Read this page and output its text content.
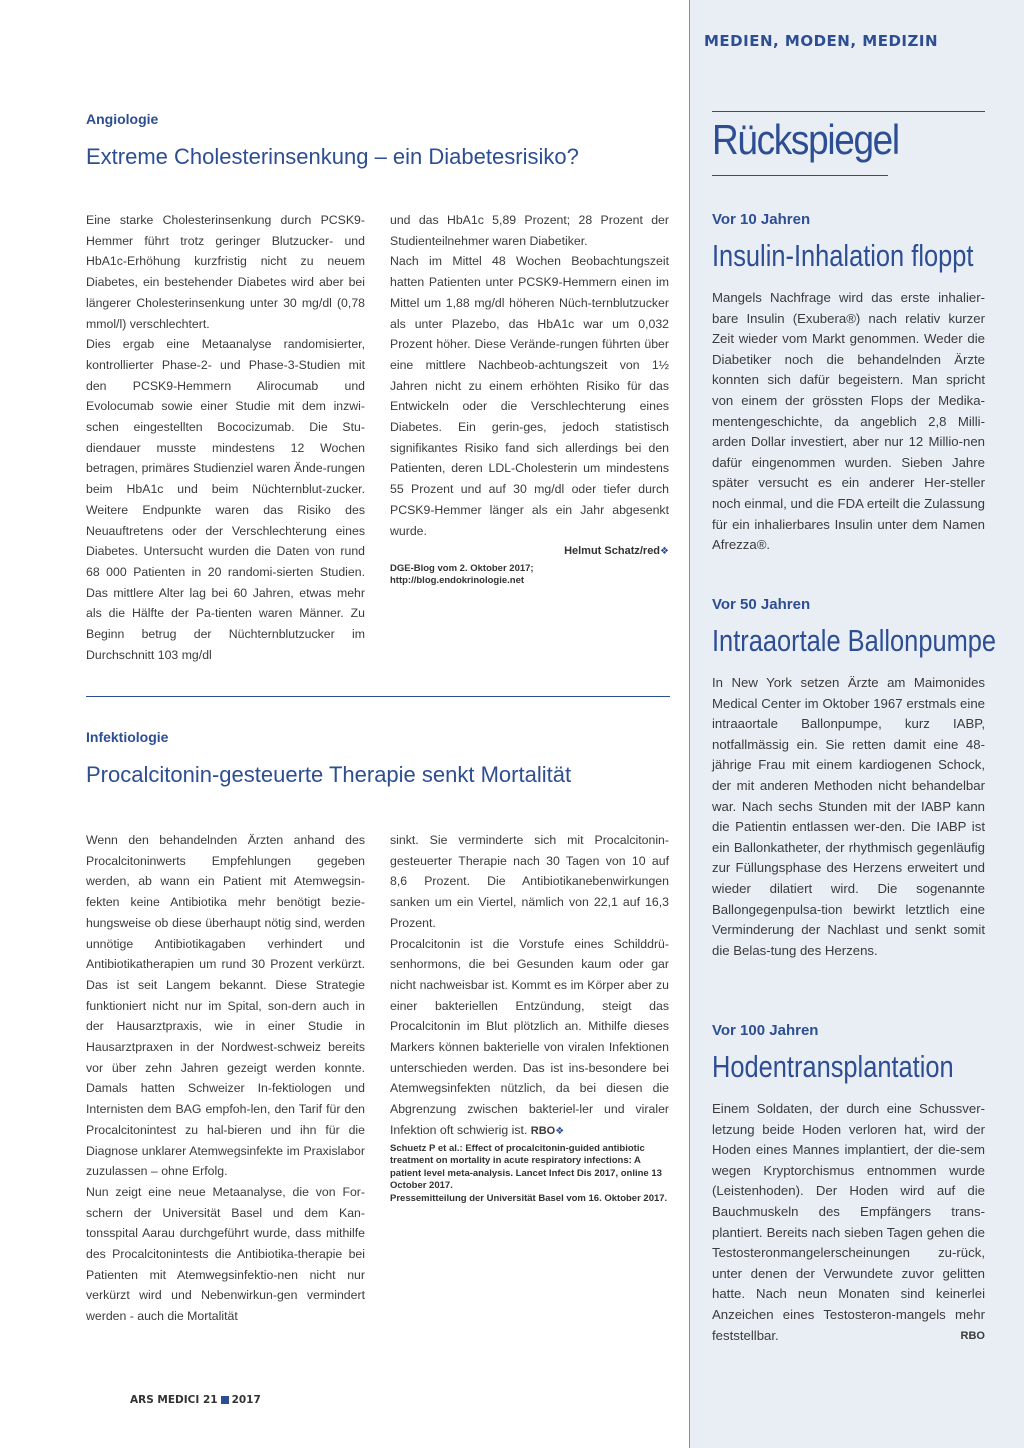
MEDIEN, MODEN, MEDIZIN
Rückspiegel
Vor 10 Jahren
Insulin-Inhalation floppt

Mangels Nachfrage wird das erste inhalier-bare Insulin (Exubera®) nach relativ kurzer Zeit wieder vom Markt genommen. Weder die Diabetiker noch die behandelnden Ärzte konnten sich dafür begeistern. Man spricht von einem der grössten Flops der Medika-mentengeschichte, da angeblich 2,8 Milli-arden Dollar investiert, aber nur 12 Millio-nen dafür eingenommen wurden. Sieben Jahre später versucht es ein anderer Her-steller noch einmal, und die FDA erteilt die Zulassung für ein inhalierbares Insulin unter dem Namen Afrezza®.

Vor 50 Jahren
Intraaortale Ballonpumpe

In New York setzen Ärzte am Maimonides Medical Center im Oktober 1967 erstmals eine intraaortale Ballonpumpe, kurz IABP, notfallmässig ein. Sie retten damit eine 48-jährige Frau mit einem kardiogenen Schock, der mit anderen Methoden nicht behandelbar war. Nach sechs Stunden mit der IABP kann die Patientin entlassen wer-den. Die IABP ist ein Ballonkatheter, der rhythmisch gegenläufig zur Füllungsphase des Herzens erweitert und wieder dilatiert wird. Die sogenannte Ballongegenpulsa-tion bewirkt letztlich eine Verminderung der Nachlast und senkt somit die Belas-tung des Herzens.

Vor 100 Jahren
Hodentransplantation

Einem Soldaten, der durch eine Schussver-letzung beide Hoden verloren hat, wird der Hoden eines Mannes implantiert, der die-sem wegen Kryptorchismus entnommen wurde (Leistenhoden). Der Hoden wird auf die Bauchmuskeln des Empfängers trans-plantiert. Bereits nach sieben Tagen gehen die Testosteronmangelerscheinungen zu-rück, unter denen der Verwundete zuvor gelitten hatte. Nach neun Monaten sind keinerlei Anzeichen eines Testosteron-mangels mehr feststellbar.	RBO

Angiologie
Extreme Cholesterinsenkung – ein Diabetesrisiko?

Eine starke Cholesterinsenkung durch PCSK9-Hemmer führt trotz geringer Blutzucker- und HbA1c-Erhöhung kurzfristig nicht zu neuem Diabetes, ein bestehender Diabetes wird aber bei längerer Cholesterinsenkung unter 30 mg/dl (0,78 mmol/l) verschlechtert.

Dies ergab eine Metaanalyse randomisierter, kontrollierter Phase-2- und Phase-3-Studien mit den PCSK9-Hemmern Alirocumab und Evolocumab sowie einer Studie mit dem inzwi-schen eingestellten Bococizumab. Die Stu-diendauer musste mindestens 12 Wochen betragen, primäres Studienziel waren Ände-rungen beim HbA1c und beim Nüchternblut-zucker. Weitere Endpunkte waren das Risiko des Neuauftretens oder der Verschlechterung eines Diabetes. Untersucht wurden die Daten von rund 68 000 Patienten in 20 randomi-sierten Studien. Das mittlere Alter lag bei 60 Jahren, etwas mehr als die Hälfte der Pa-tienten waren Männer. Zu Beginn betrug der Nüchternblutzucker im Durchschnitt 103 mg/dl

und das HbA1c 5,89 Prozent; 28 Prozent der Studienteilnehmer waren Diabetiker.

Nach im Mittel 48 Wochen Beobachtungszeit hatten Patienten unter PCSK9-Hemmern einen im Mittel um 1,88 mg/dl höheren Nüch-ternblutzucker als unter Plazebo, das HbA1c war um 0,032 Prozent höher. Diese Verände-rungen führten über eine mittlere Nachbeob-achtungszeit von 1½ Jahren nicht zu einem erhöhten Risiko für das Entwickeln oder die Verschlechterung eines Diabetes. Ein gerin-ges, jedoch statistisch signifikantes Risiko fand sich allerdings bei den Patienten, deren LDL-Cholesterin um mindestens 55 Prozent und auf 30 mg/dl oder tiefer durch PCSK9-Hemmer länger als ein Jahr abgesenkt wurde.

Helmut Schatz/red❖

DGE-Blog vom 2. Oktober 2017; http://blog.endokrinologie.net

Infektiologie
Procalcitonin-gesteuerte Therapie senkt Mortalität

Wenn den behandelnden Ärzten anhand des Procalcitoninwerts Empfehlungen gegeben werden, ab wann ein Patient mit Atemwegsin-fekten keine Antibiotika mehr benötigt bezie-hungsweise ob diese überhaupt nötig sind, werden unnötige Antibiotikagaben verhindert und Antibiotikatherapien um rund 30 Prozent verkürzt. Das ist seit Langem bekannt. Diese Strategie funktioniert nicht nur im Spital, son-dern auch in der Hausarztpraxis, wie in einer Studie in Hausarztpraxen in der Nordwest-schweiz bereits vor über zehn Jahren gezeigt werden konnte. Damals hatten Schweizer In-fektiologen und Internisten dem BAG empfoh-len, den Tarif für den Procalcitonintest zu hal-bieren und ihn für die Diagnose unklarer Atemwegsinfekte im Praxislabor zuzulassen – ohne Erfolg.

Nun zeigt eine neue Metaanalyse, die von For-schern der Universität Basel und dem Kan-tonsspital Aarau durchgeführt wurde, dass mithilfe des Procalcitonintests die Antibiotika-therapie bei Patienten mit Atemwegsinfektio-nen nicht nur verkürzt wird und Nebenwirkun-gen vermindert werden - auch die Mortalität

sinkt. Sie verminderte sich mit Procalcitonin-gesteuerter Therapie nach 30 Tagen von 10 auf 8,6 Prozent. Die Antibiotikanebenwirkungen sanken um ein Viertel, nämlich von 22,1 auf 16,3 Prozent.

Procalcitonin ist die Vorstufe eines Schilddrü-senhormons, die bei Gesunden kaum oder gar nicht nachweisbar ist. Kommt es im Körper aber zu einer bakteriellen Entzündung, steigt das Procalcitonin im Blut plötzlich an. Mithilfe dieses Markers können bakterielle von viralen Infektionen unterschieden werden. Das ist ins-besondere bei Atemwegsinfekten nützlich, da bei diesen die Abgrenzung zwischen bakteriel-ler und viraler Infektion oft schwierig ist. RBO❖

Schuetz P et al.: Effect of procalcitonin-guided antibiotic treatment on mortality in acute respiratory infections: A patient level meta-analysis. Lancet Infect Dis 2017, online 13 October 2017.

Pressemitteilung der Universität Basel vom 16. Oktober 2017.

ARS MEDICI 21 2017
